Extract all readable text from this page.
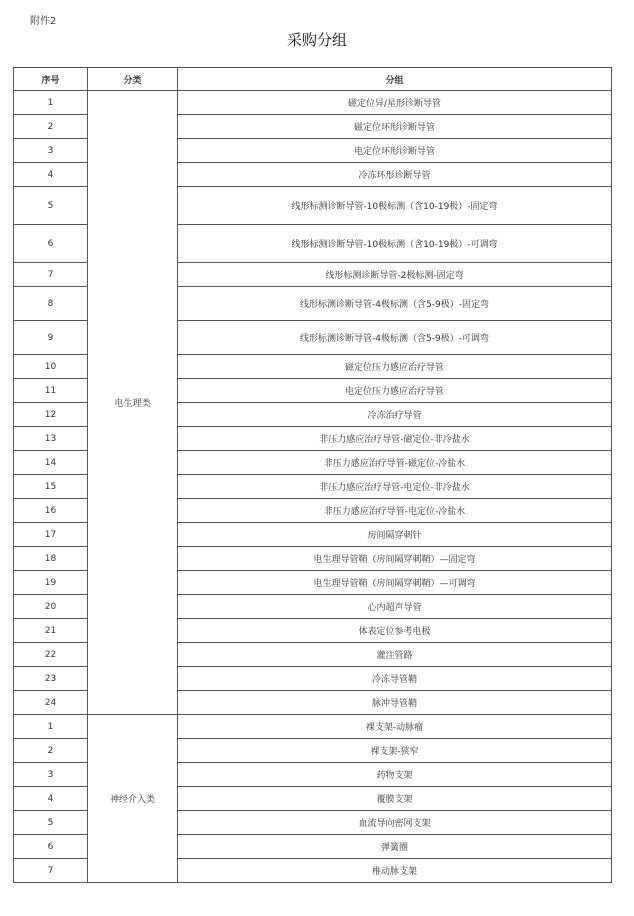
附件2
采购分组
序号	分类	分组
1	电生理类	磁定位异/星形诊断导管
2		磁定位环形诊断导管
3		电定位环形诊断导管
4		冷冻环形诊断导管
5		线形标测诊断导管-10极标测（含10-19极）-固定弯
6		线形标测诊断导管-10极标测（含10-19极）-可调弯
7		线形标测诊断导管-2极标测-固定弯
8		线形标测诊断导管-4极标测（含5-9极）-固定弯
9		线形标测诊断导管-4极标测（含5-9极）-可调弯
10		磁定位压力感应治疗导管
11		电定位压力感应治疗导管
12		冷冻治疗导管
13		非压力感应治疗导管-磁定位-非冷盐水
14		非压力感应治疗导管-磁定位-冷盐水
15		非压力感应治疗导管-电定位-非冷盐水
16		非压力感应治疗导管-电定位-冷盐水
17		房间隔穿刺针
18		电生理导管鞘（房间隔穿刺鞘）—固定弯
19		电生理导管鞘（房间隔穿刺鞘）—可调弯
20		心内超声导管
21		体表定位参考电极
22		灌注管路
23		冷冻导管鞘
24		脉冲导管鞘
1	神经介入类	裸支架-动脉瘤
2		裸支架-狭窄
3		药物支架
4		覆膜支架
5		血流导向密网支架
6		弹簧圈
7		椎动脉支架
